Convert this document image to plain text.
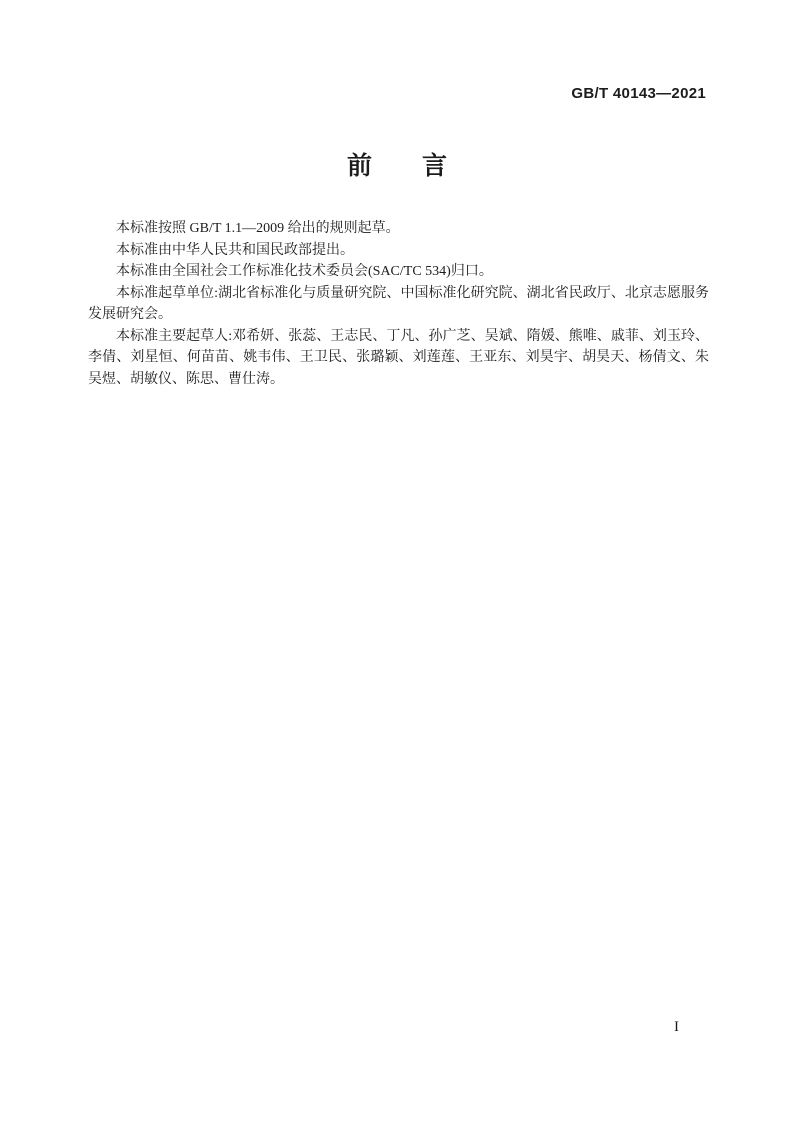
GB/T 40143—2021
前　　言

本标准按照 GB/T 1.1—2009 给出的规则起草。

本标准由中华人民共和国民政部提出。

本标准由全国社会工作标准化技术委员会(SAC/TC 534)归口。

本标准起草单位:湖北省标准化与质量研究院、中国标准化研究院、湖北省民政厅、北京志愿服务发展研究会。

本标准主要起草人:邓希妍、张蕊、王志民、丁凡、孙广芝、吴斌、隋媛、熊唯、戚菲、刘玉玲、李倩、刘星恒、何苗苗、姚韦伟、王卫民、张璐颖、刘莲莲、王亚东、刘昊宇、胡昊天、杨倩文、朱吴煜、胡敏仪、陈思、曹仕涛。

I
